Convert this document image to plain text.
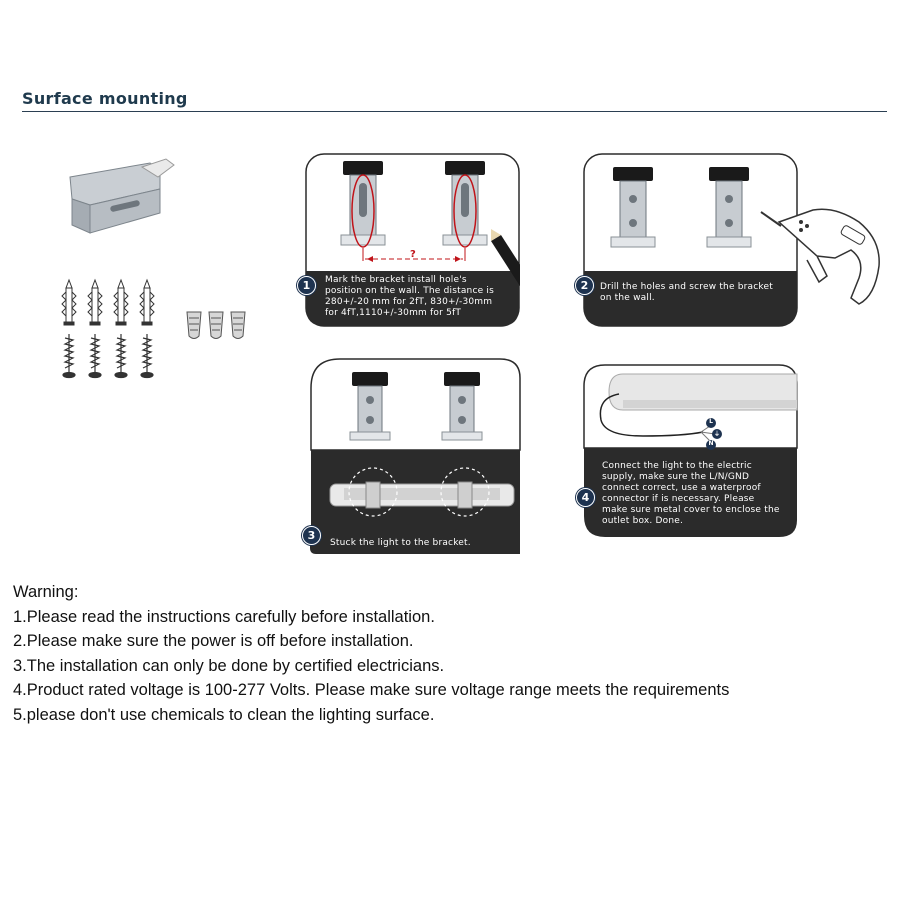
Surface mounting
?
Mark the bracket install hole's
position on the wall. The distance is
280+/-20 mm for 2fT, 830+/-30mm
for 4fT,1110+/-30mm for 5fT
1	Drill the holes and screw the bracket
on the wall.
2
Stuck the light to the bracket.
3
L
⏚
N
Connect the light to the electric
supply, make sure the L/N/GND
connect correct, use a waterproof
connector if is necessary. Please
make sure metal cover to enclose the
outlet box. Done.
4
Warning:
1.Please read the instructions carefully before installation.
2.Please make sure the power is off before installation.
3.The installation can only be done by certified electricians.
4.Product rated voltage is 100-277 Volts. Please make sure voltage range meets the requirements
5.please don't use chemicals to clean the lighting surface.
